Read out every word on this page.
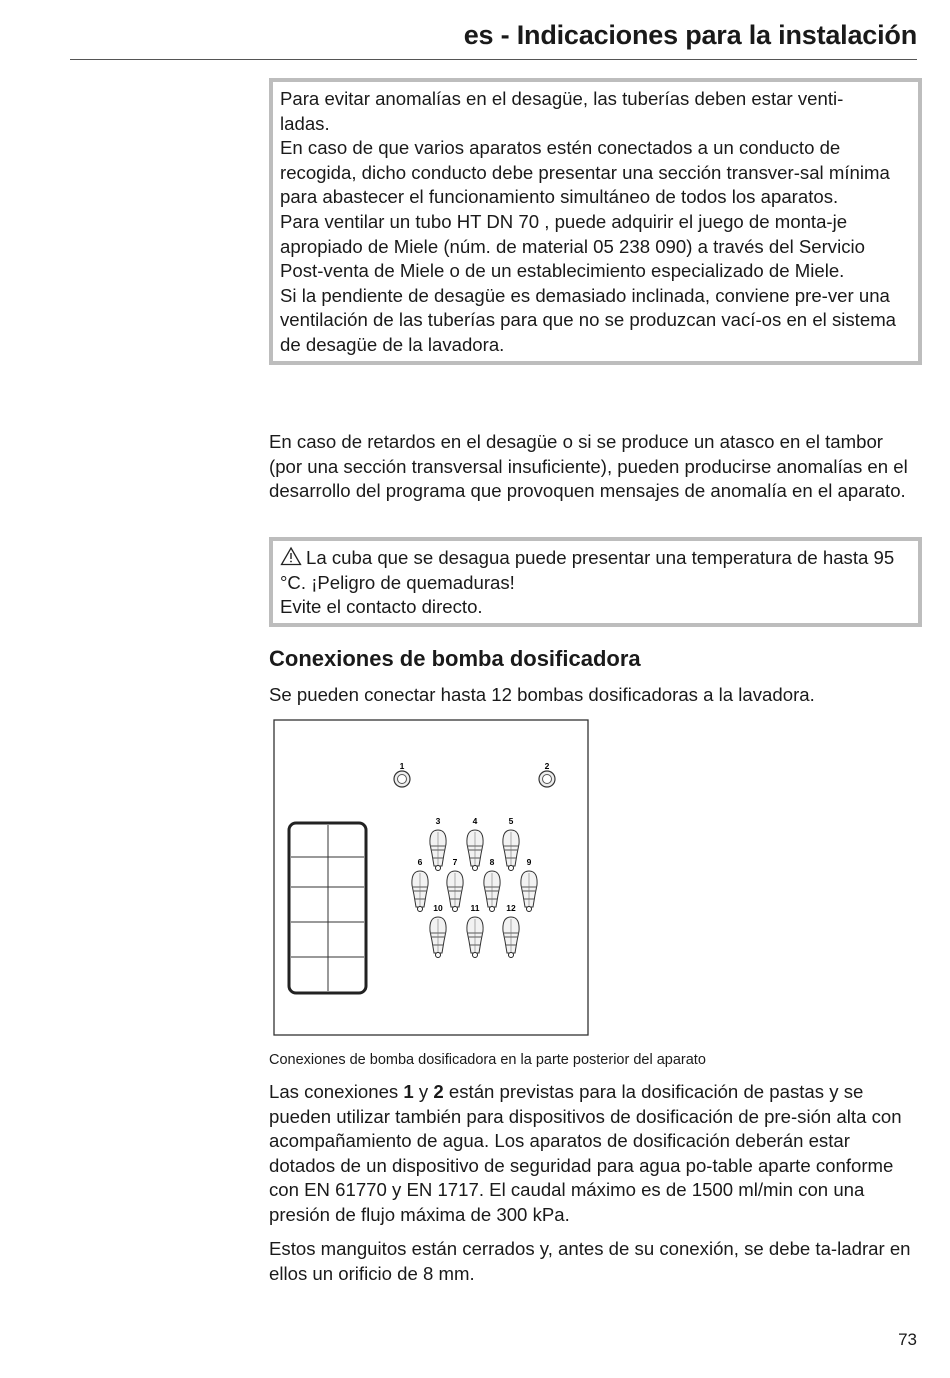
es - Indicaciones para la instalación

Para evitar anomalías en el desagüe, las tuberías deben estar venti-
ladas.

En caso de que varios aparatos estén conectados a un conducto de recogida, dicho conducto debe presentar una sección transver-sal mínima para abastecer el funcionamiento simultáneo de todos los aparatos.

Para ventilar un tubo HT DN 70 , puede adquirir el juego de monta-je apropiado de Miele (núm. de material 05 238 090) a través del Servicio Post-venta de Miele o de un establecimiento especializado de Miele.

Si la pendiente de desagüe es demasiado inclinada, conviene pre-ver una ventilación de las tuberías para que no se produzcan vací-os en el sistema de desagüe de la lavadora.

En caso de retardos en el desagüe o si se produce un atasco en el tambor (por una sección transversal insuficiente), pueden producirse anomalías en el desarrollo del programa que provoquen mensajes de anomalía en el aparato.

La cuba que se desagua puede presentar una temperatura de hasta 95 °C. ¡Peligro de quemaduras!

Evite el contacto directo.

Conexiones de bomba dosificadora

Se pueden conectar hasta 12 bombas dosificadoras a la lavadora.

1	2
3	4	5
6	7	8	9
10	11	12
Conexiones de bomba dosificadora en la parte posterior del aparato

Las conexiones 1 y 2 están previstas para la dosificación de pastas y se pueden utilizar también para dispositivos de dosificación de pre-sión alta con acompañamiento de agua. Los aparatos de dosificación deberán estar dotados de un dispositivo de seguridad para agua po-table aparte conforme con EN 61770 y EN 1717. El caudal máximo es de 1500 ml/min con una presión de flujo máxima de 300 kPa.

Estos manguitos están cerrados y, antes de su conexión, se debe ta-ladrar en ellos un orificio de 8 mm.

73
